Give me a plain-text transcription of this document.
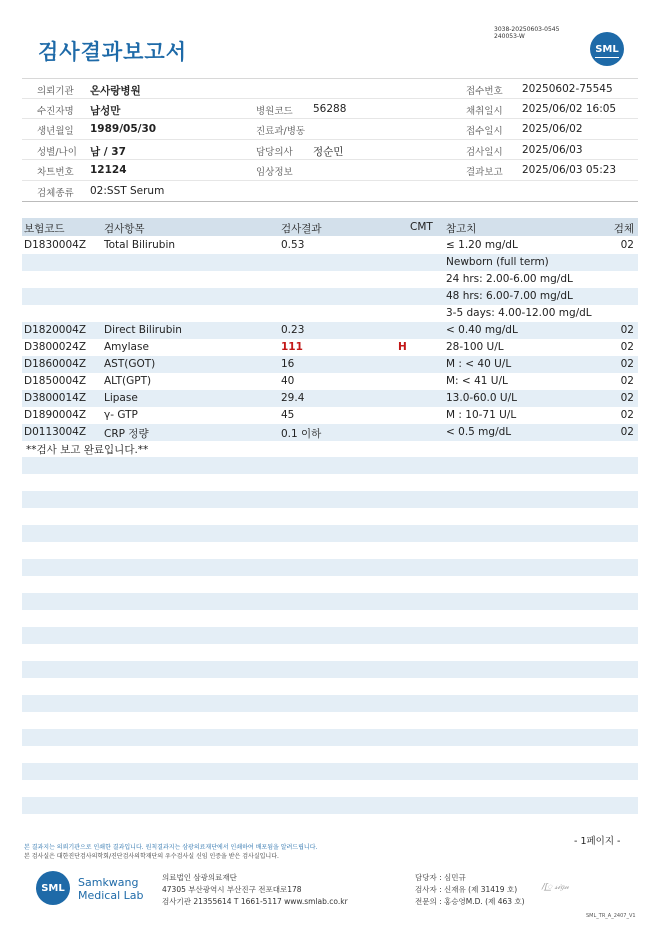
검사결과보고서
3038-20250603-0545
240053-W
SML
의뢰기관 온사랑병원	접수번호 20250602-75545
수진자명 남성만	병원코드 56288	채취일시 2025/06/02 16:05
생년월일 1989/05/30	진료과/병동	접수일시 2025/06/02
성별/나이 남 / 37	담당의사 정순민	검사일시 2025/06/03
차트번호 12124	임상정보	결과보고 2025/06/03 05:23
검체종류 02:SST Serum
보험코드	검사항목	검사결과	CMT 참고치	검체
D1830004Z Total Bilirubin	0.53	≤ 1.20 mg/dL	02
Newborn (full term)
24 hrs: 2.00-6.00 mg/dL
48 hrs: 6.00-7.00 mg/dL
3-5 days: 4.00-12.00 mg/dL
D1820004Z Direct Bilirubin	0.23	< 0.40 mg/dL	02
D3800024Z Amylase	111	H	28-100 U/L	02
D1860004Z AST(GOT)	16	M : < 40 U/L	02
D1850004Z ALT(GPT)	40	M: < 41 U/L	02
D3800014Z Lipase	29.4	13.0-60.0 U/L	02
D1890004Z γ- GTP	45	M : 10-71 U/L	02
D0113004Z CRP 정량	0.1 이하	< 0.5 mg/dL	02
**검사 보고 완료입니다.**
본 결과지는 의뢰기관으로 인쇄한 결과입니다. 원칙결과지는 삼광의료재단에서 인쇄하여 배포됨을 알려드립니다.
본 검사실은 대한진단검사의학회/진단검사의학재단의 우수검사실 신임 인증을 받은 검사실입니다.
- 1페이지 -
SML	Samkwang
Medical Lab
의료법인 삼광의료재단
47305 부산광역시 부산진구 전포대로178
검사기관 21355614 T 1661-5117 www.smlab.co.kr
담당자 : 심민규
검사자 : 신재유 (제 31419 호)
전문의 : 홍승영M.D. (제 463 호)
/ʃ꯭ 𝓈𝒾𝑔𝓃
SML_TR_A_2407_V1
